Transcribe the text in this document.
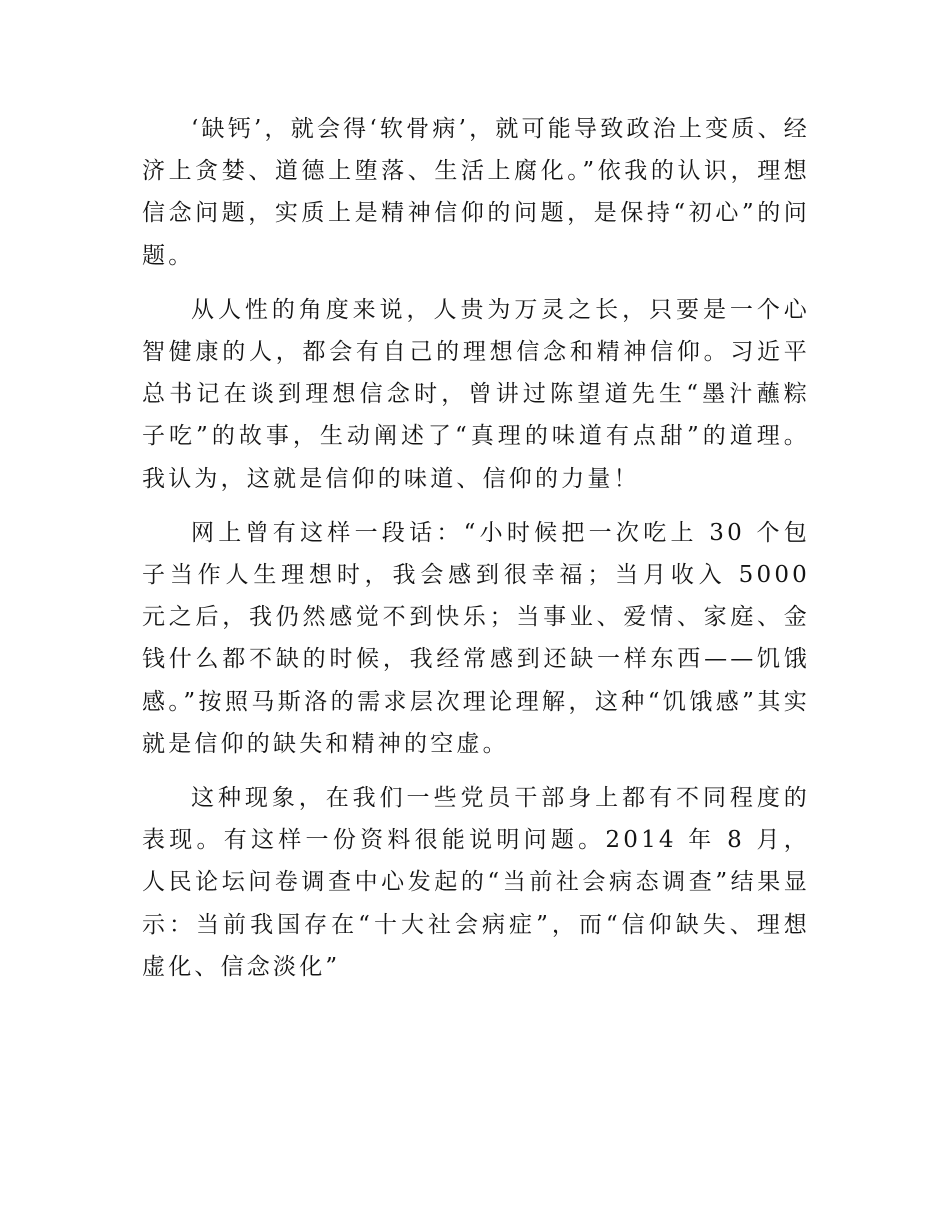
‘缺钙’，就会得‘软骨病’，就可能导致政治上变质、经济上贪婪、道德上堕落、生活上腐化。”依我的认识，理想信念问题，实质上是精神信仰的问题，是保持“初心”的问题。

从人性的角度来说，人贵为万灵之长，只要是一个心智健康的人，都会有自己的理想信念和精神信仰。习近平总书记在谈到理想信念时，曾讲过陈望道先生“墨汁蘸粽子吃”的故事，生动阐述了“真理的味道有点甜”的道理。我认为，这就是信仰的味道、信仰的力量！

网上曾有这样一段话：“小时候把一次吃上 30 个包子当作人生理想时，我会感到很幸福；当月收入 5000 元之后，我仍然感觉不到快乐；当事业、爱情、家庭、金钱什么都不缺的时候，我经常感到还缺一样东西——饥饿感。”按照马斯洛的需求层次理论理解，这种“饥饿感”其实就是信仰的缺失和精神的空虚。

这种现象，在我们一些党员干部身上都有不同程度的表现。有这样一份资料很能说明问题。2014 年 8 月，人民论坛问卷调查中心发起的“当前社会病态调查”结果显示：当前我国存在“十大社会病症”，而“信仰缺失、理想虚化、信念淡化”
